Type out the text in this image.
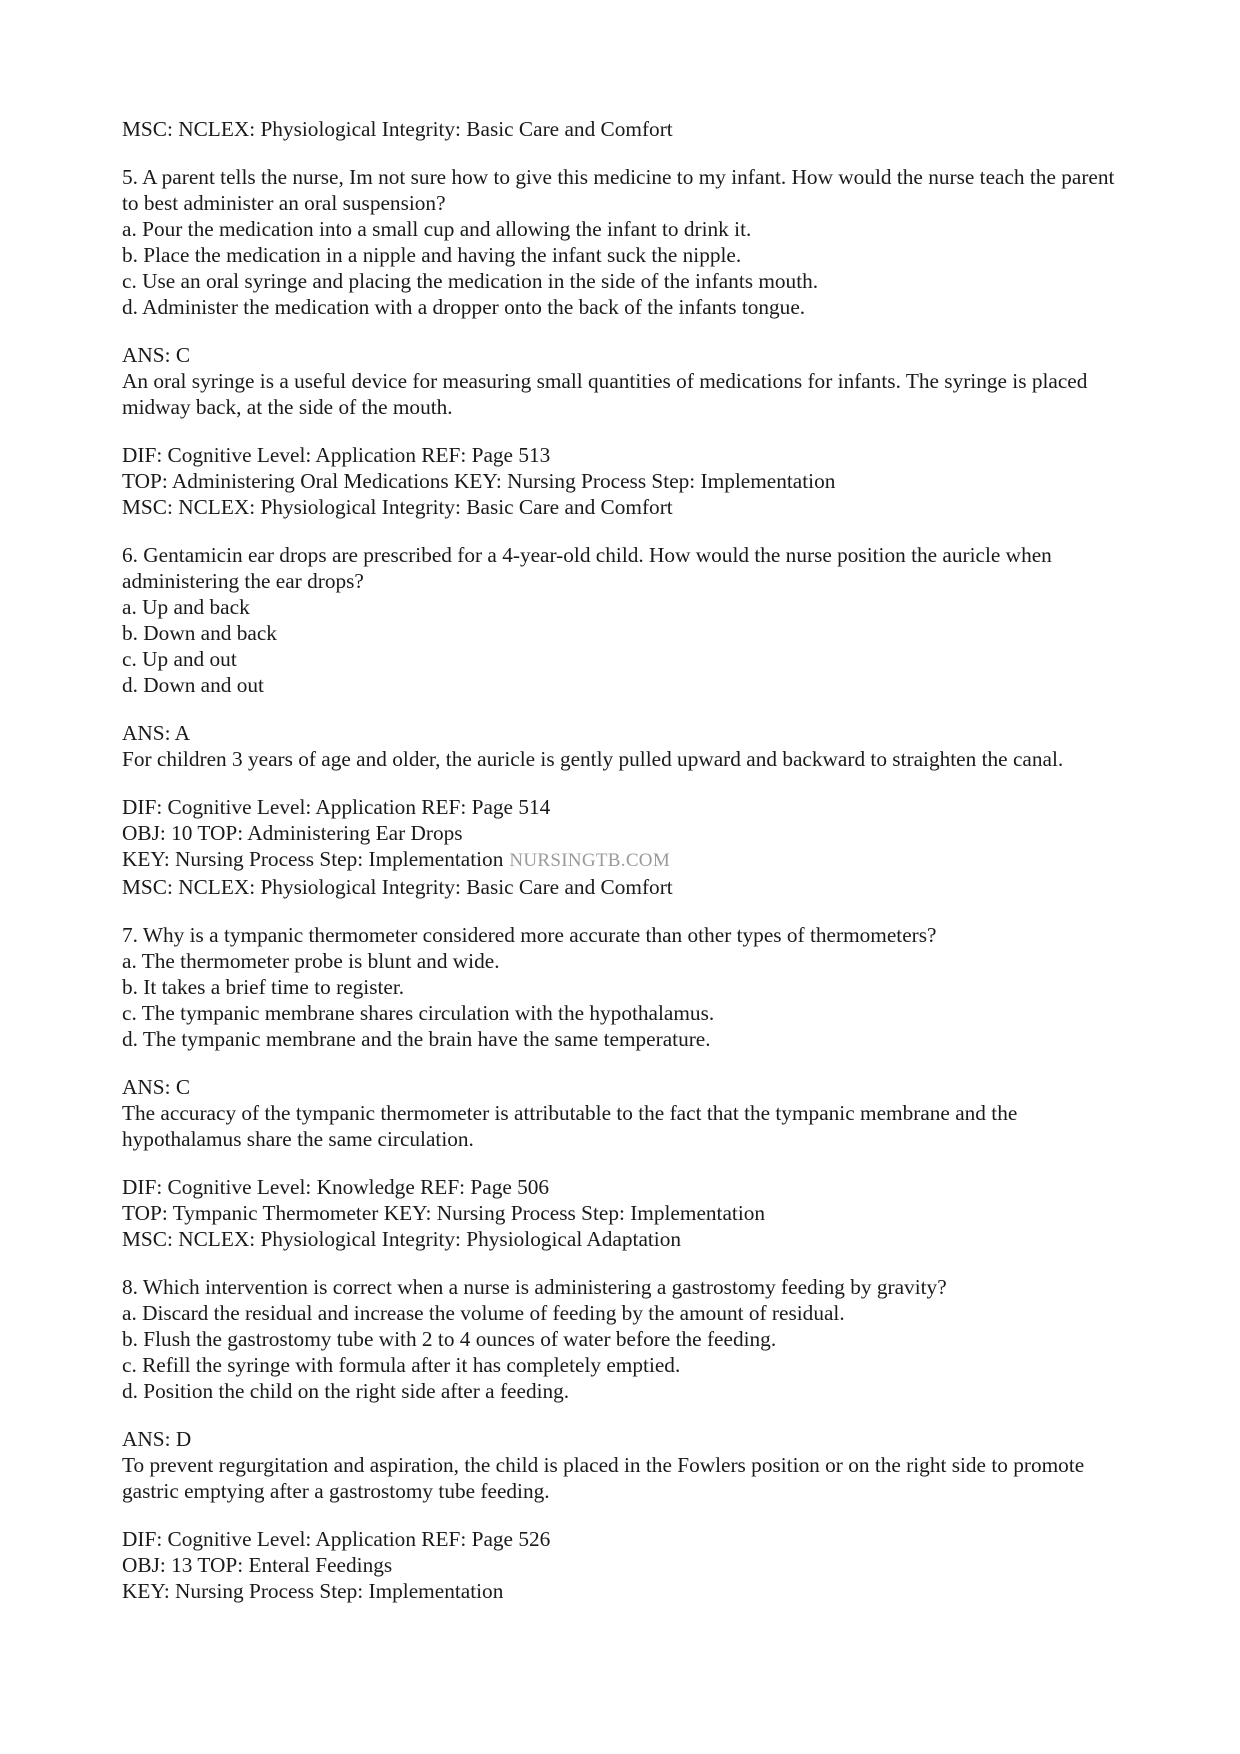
MSC: NCLEX: Physiological Integrity: Basic Care and Comfort
5. A parent tells the nurse, Im not sure how to give this medicine to my infant. How would the nurse teach the parent to best administer an oral suspension?
a. Pour the medication into a small cup and allowing the infant to drink it.
b. Place the medication in a nipple and having the infant suck the nipple.
c. Use an oral syringe and placing the medication in the side of the infants mouth.
d. Administer the medication with a dropper onto the back of the infants tongue.
ANS: C
An oral syringe is a useful device for measuring small quantities of medications for infants. The syringe is placed midway back, at the side of the mouth.
DIF: Cognitive Level: Application REF: Page 513
TOP: Administering Oral Medications KEY: Nursing Process Step: Implementation
MSC: NCLEX: Physiological Integrity: Basic Care and Comfort
6. Gentamicin ear drops are prescribed for a 4-year-old child. How would the nurse position the auricle when administering the ear drops?
a. Up and back
b. Down and back
c. Up and out
d. Down and out
ANS: A
For children 3 years of age and older, the auricle is gently pulled upward and backward to straighten the canal.
DIF: Cognitive Level: Application REF: Page 514
OBJ: 10 TOP: Administering Ear Drops
KEY: Nursing Process Step: Implementation NURSINGTB.COM
MSC: NCLEX: Physiological Integrity: Basic Care and Comfort
7. Why is a tympanic thermometer considered more accurate than other types of thermometers?
a. The thermometer probe is blunt and wide.
b. It takes a brief time to register.
c. The tympanic membrane shares circulation with the hypothalamus.
d. The tympanic membrane and the brain have the same temperature.
ANS: C
The accuracy of the tympanic thermometer is attributable to the fact that the tympanic membrane and the hypothalamus share the same circulation.
DIF: Cognitive Level: Knowledge REF: Page 506
TOP: Tympanic Thermometer KEY: Nursing Process Step: Implementation
MSC: NCLEX: Physiological Integrity: Physiological Adaptation
8. Which intervention is correct when a nurse is administering a gastrostomy feeding by gravity?
a. Discard the residual and increase the volume of feeding by the amount of residual.
b. Flush the gastrostomy tube with 2 to 4 ounces of water before the feeding.
c. Refill the syringe with formula after it has completely emptied.
d. Position the child on the right side after a feeding.
ANS: D
To prevent regurgitation and aspiration, the child is placed in the Fowlers position or on the right side to promote gastric emptying after a gastrostomy tube feeding.
DIF: Cognitive Level: Application REF: Page 526
OBJ: 13 TOP: Enteral Feedings
KEY: Nursing Process Step: Implementation
